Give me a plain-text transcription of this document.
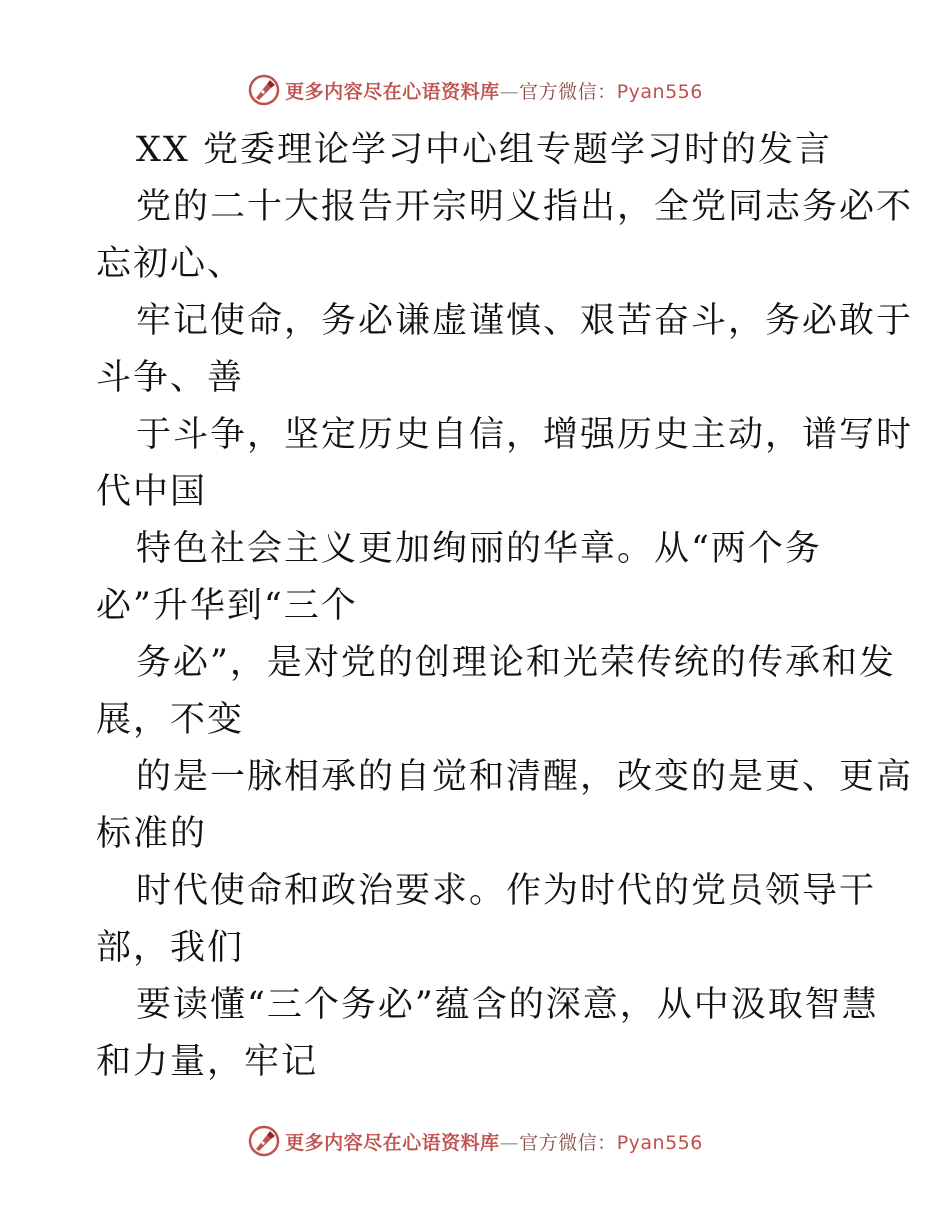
更多内容尽在心语资料库—官方微信：Pyan556
XX 党委理论学习中心组专题学习时的发言
党的二十大报告开宗明义指出，全党同志务必不
忘初心、
牢记使命，务必谦虚谨慎、艰苦奋斗，务必敢于
斗争、善
于斗争，坚定历史自信，增强历史主动，谱写时
代中国
特色社会主义更加绚丽的华章。从“两个务
必”升华到“三个
务必”，是对党的创理论和光荣传统的传承和发
展，不变
的是一脉相承的自觉和清醒，改变的是更、更高
标准的
时代使命和政治要求。作为时代的党员领导干
部，我们
要读懂“三个务必”蕴含的深意，从中汲取智慧
和力量，牢记
更多内容尽在心语资料库—官方微信：Pyan556
